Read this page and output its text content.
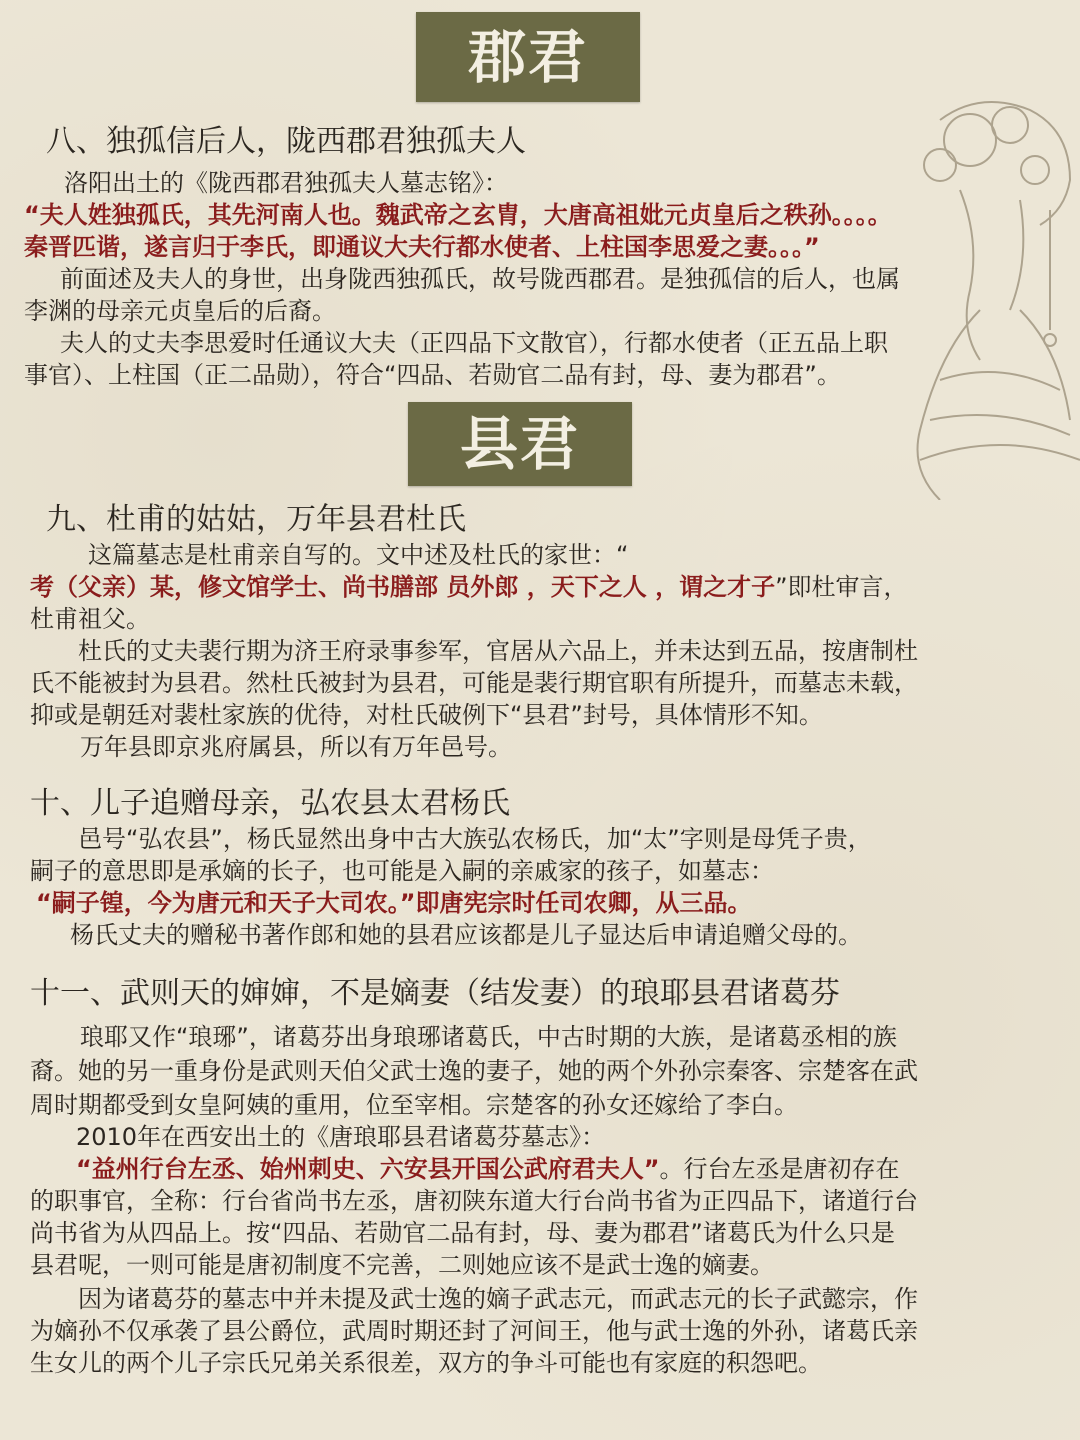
郡君
八、独孤信后人，陇西郡君独孤夫人
洛阳出土的《陇西郡君独孤夫人墓志铭》：
“夫人姓独孤氏，其先河南人也。魏武帝之玄胄，大唐高祖妣元贞皇后之秩孙。。。。
秦晋匹谐，遂言归于李氏，即通议大夫行都水使者、上柱国李思爱之妻。。。”
前面述及夫人的身世，出身陇西独孤氏，故号陇西郡君。是独孤信的后人，也属
李渊的母亲元贞皇后的后裔。
夫人的丈夫李思爱时任通议大夫（正四品下文散官），行都水使者（正五品上职
事官）、上柱国（正二品勋），符合“四品、若勋官二品有封，母、妻为郡君”。
县君
九、杜甫的姑姑，万年县君杜氏
这篇墓志是杜甫亲自写的。文中述及杜氏的家世：“
考（父亲）某，修文馆学士、尚书膳部 员外郎 ，天下之人 ，谓之才子”即杜审言，
杜甫祖父。
杜氏的丈夫裴行期为济王府录事参军，官居从六品上，并未达到五品，按唐制杜
氏不能被封为县君。然杜氏被封为县君，可能是裴行期官职有所提升，而墓志未载，
抑或是朝廷对裴杜家族的优待，对杜氏破例下“县君”封号，具体情形不知。
万年县即京兆府属县，所以有万年邑号。
十、儿子追赠母亲，弘农县太君杨氏
邑号“弘农县”，杨氏显然出身中古大族弘农杨氏，加“太”字则是母凭子贵，
嗣子的意思即是承嫡的长子，也可能是入嗣的亲戚家的孩子，如墓志：
“嗣子锽，今为唐元和天子大司农。”即唐宪宗时任司农卿，从三品。
杨氏丈夫的赠秘书著作郎和她的县君应该都是儿子显达后申请追赠父母的。
十一、武则天的婶婶，不是嫡妻（结发妻）的琅耶县君诸葛芬
琅耶又作“琅琊”，诸葛芬出身琅琊诸葛氏，中古时期的大族，是诸葛丞相的族
裔。她的另一重身份是武则天伯父武士逸的妻子，她的两个外孙宗秦客、宗楚客在武
周时期都受到女皇阿姨的重用，位至宰相。宗楚客的孙女还嫁给了李白。
2010年在西安出土的《唐琅耶县君诸葛芬墓志》：
“益州行台左丞、始州刺史、六安县开国公武府君夫人”。行台左丞是唐初存在
的职事官，全称：行台省尚书左丞，唐初陕东道大行台尚书省为正四品下，诸道行台
尚书省为从四品上。按“四品、若勋官二品有封，母、妻为郡君”诸葛氏为什么只是
县君呢，一则可能是唐初制度不完善，二则她应该不是武士逸的嫡妻。
因为诸葛芬的墓志中并未提及武士逸的嫡子武志元，而武志元的长子武懿宗，作
为嫡孙不仅承袭了县公爵位，武周时期还封了河间王，他与武士逸的外孙，诸葛氏亲
生女儿的两个儿子宗氏兄弟关系很差，双方的争斗可能也有家庭的积怨吧。
